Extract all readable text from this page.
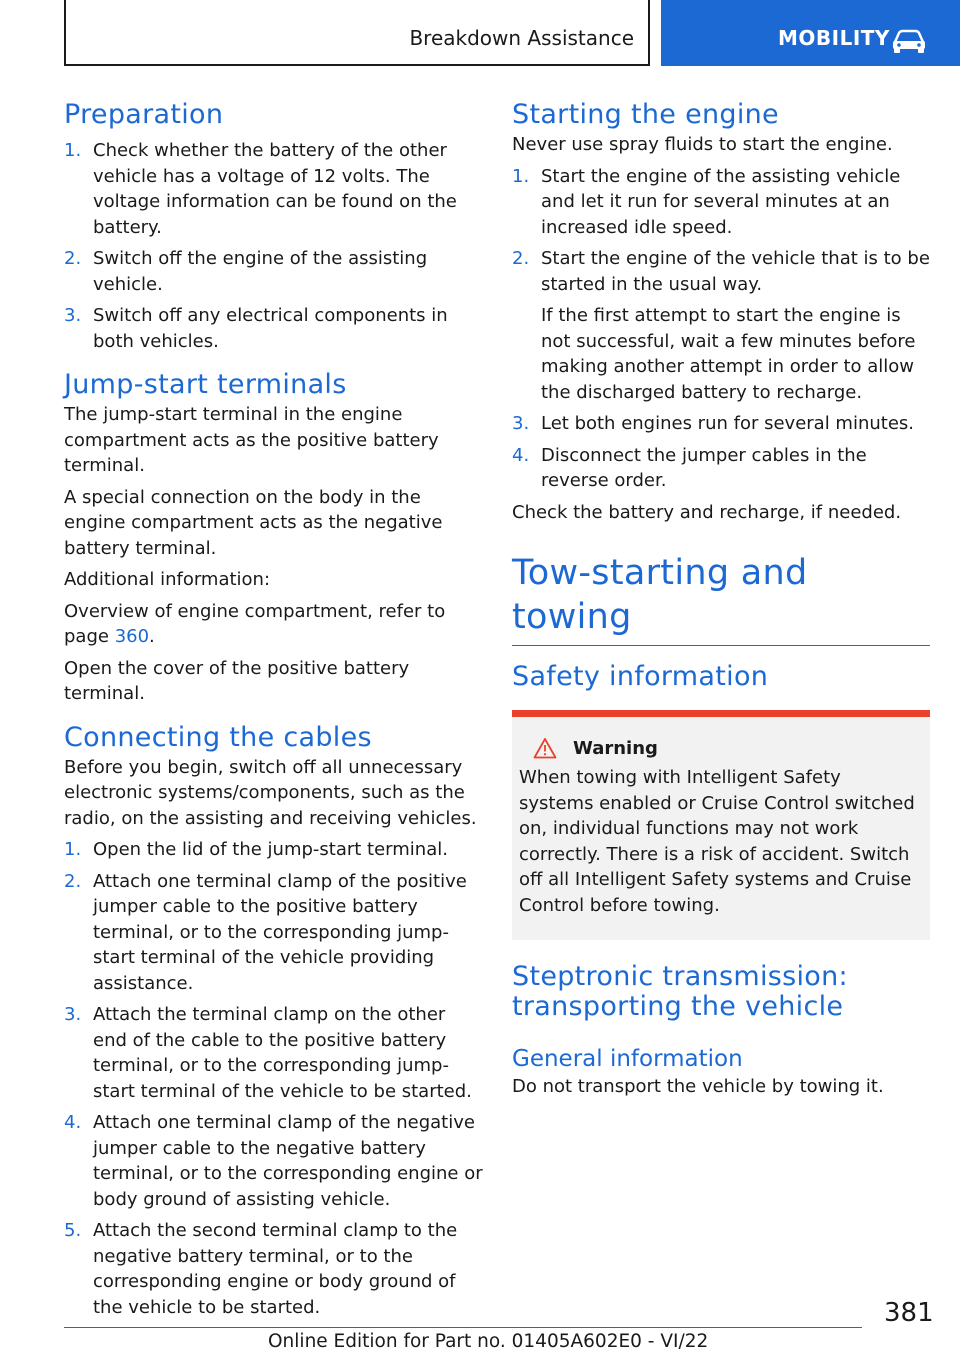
Breakdown Assistance	MOBILITY
Preparation
1. Check whether the battery of the other vehicle has a voltage of 12 volts. The voltage information can be found on the battery.
2. Switch off the engine of the assisting vehicle.
3. Switch off any electrical components in both vehicles.
Jump-start terminals

The jump-start terminal in the engine compartment acts as the positive battery terminal.

A special connection on the body in the engine compartment acts as the negative battery terminal.

Additional information:

Overview of engine compartment, refer to page 360.

Open the cover of the positive battery terminal.

Connecting the cables

Before you begin, switch off all unnecessary electronic systems/components, such as the radio, on the assisting and receiving vehicles.

1. Open the lid of the jump-start terminal.
2. Attach one terminal clamp of the positive jumper cable to the positive battery terminal, or to the corresponding jump-start terminal of the vehicle providing assistance.
3. Attach the terminal clamp on the other end of the cable to the positive battery terminal, or to the corresponding jump-start terminal of the vehicle to be started.
4. Attach one terminal clamp of the negative jumper cable to the negative battery terminal, or to the corresponding engine or body ground of assisting vehicle.
5. Attach the second terminal clamp to the negative battery terminal, or to the corresponding engine or body ground of the vehicle to be started.
Starting the engine

Never use spray fluids to start the engine.

1. Start the engine of the assisting vehicle and let it run for several minutes at an increased idle speed.
2. Start the engine of the vehicle that is to be started in the usual way.
If the first attempt to start the engine is not successful, wait a few minutes before making another attempt in order to allow the discharged battery to recharge.
3. Let both engines run for several minutes.
4. Disconnect the jumper cables in the reverse order.

Check the battery and recharge, if needed.

Tow-starting and towing
Safety information
Warning
When towing with Intelligent Safety systems enabled or Cruise Control switched on, individual functions may not work correctly. There is a risk of accident. Switch off all Intelligent Safety systems and Cruise Control before towing.
Steptronic transmission: transporting the vehicle
General information

Do not transport the vehicle by towing it.

381
Online Edition for Part no. 01405A602E0 - VI/22
